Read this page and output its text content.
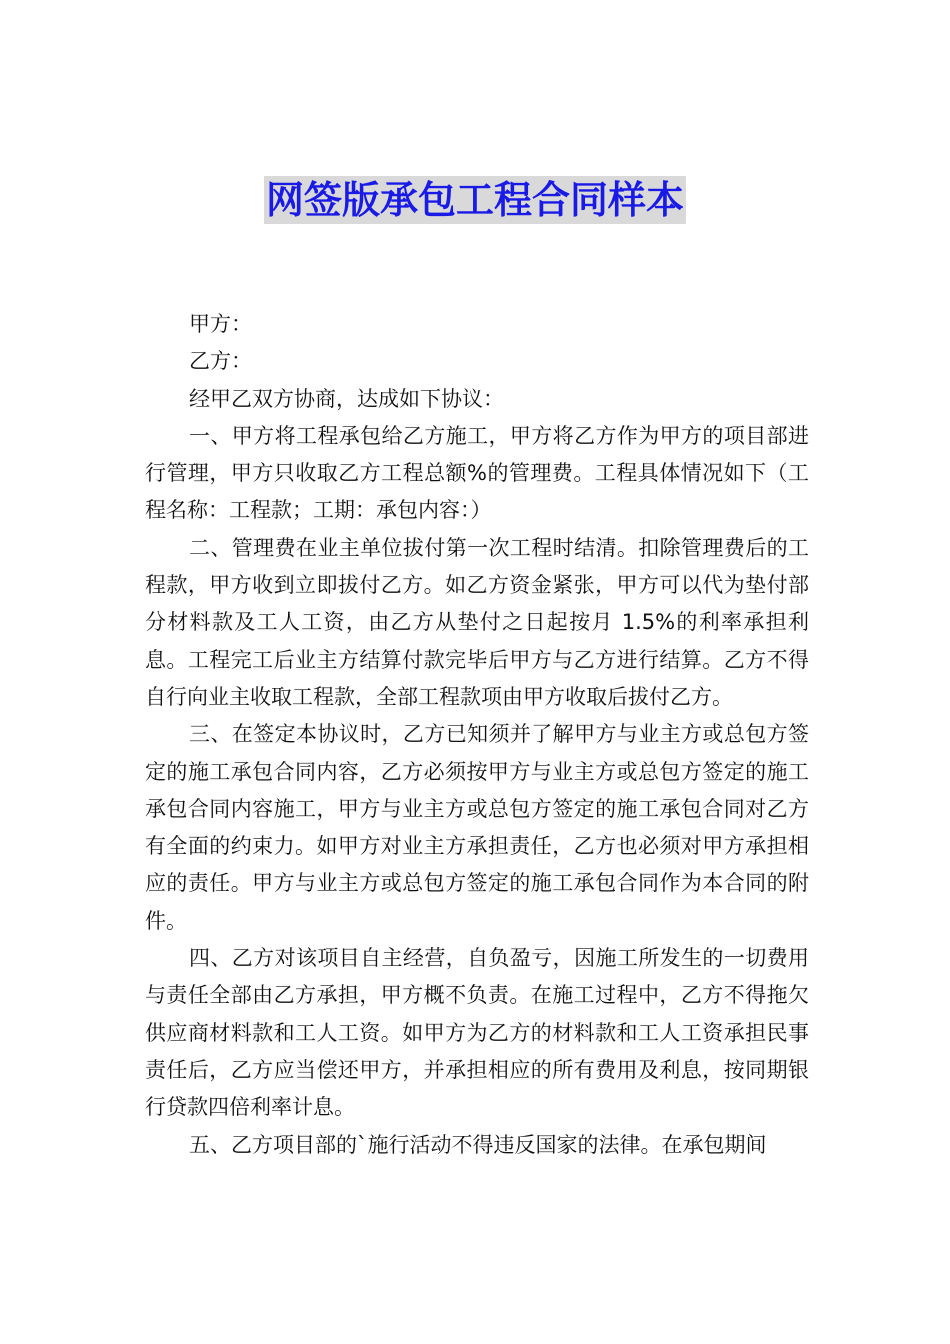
网签版承包工程合同样本

甲方：

乙方：

经甲乙双方协商，达成如下协议：

一、甲方将工程承包给乙方施工，甲方将乙方作为甲方的项目部进行管理，甲方只收取乙方工程总额%的管理费。工程具体情况如下（工程名称：工程款；工期：承包内容：）

二、管理费在业主单位拔付第一次工程时结清。扣除管理费后的工程款，甲方收到立即拔付乙方。如乙方资金紧张，甲方可以代为垫付部分材料款及工人工资，由乙方从垫付之日起按月 1.5%的利率承担利息。工程完工后业主方结算付款完毕后甲方与乙方进行结算。乙方不得自行向业主收取工程款，全部工程款项由甲方收取后拔付乙方。

三、在签定本协议时，乙方已知须并了解甲方与业主方或总包方签定的施工承包合同内容，乙方必须按甲方与业主方或总包方签定的施工承包合同内容施工，甲方与业主方或总包方签定的施工承包合同对乙方有全面的约束力。如甲方对业主方承担责任，乙方也必须对甲方承担相应的责任。甲方与业主方或总包方签定的施工承包合同作为本合同的附件。

四、乙方对该项目自主经营，自负盈亏，因施工所发生的一切费用与责任全部由乙方承担，甲方概不负责。在施工过程中，乙方不得拖欠供应商材料款和工人工资。如甲方为乙方的材料款和工人工资承担民事责任后，乙方应当偿还甲方，并承担相应的所有费用及利息，按同期银行贷款四倍利率计息。

五、乙方项目部的`施行活动不得违反国家的法律。在承包期间
